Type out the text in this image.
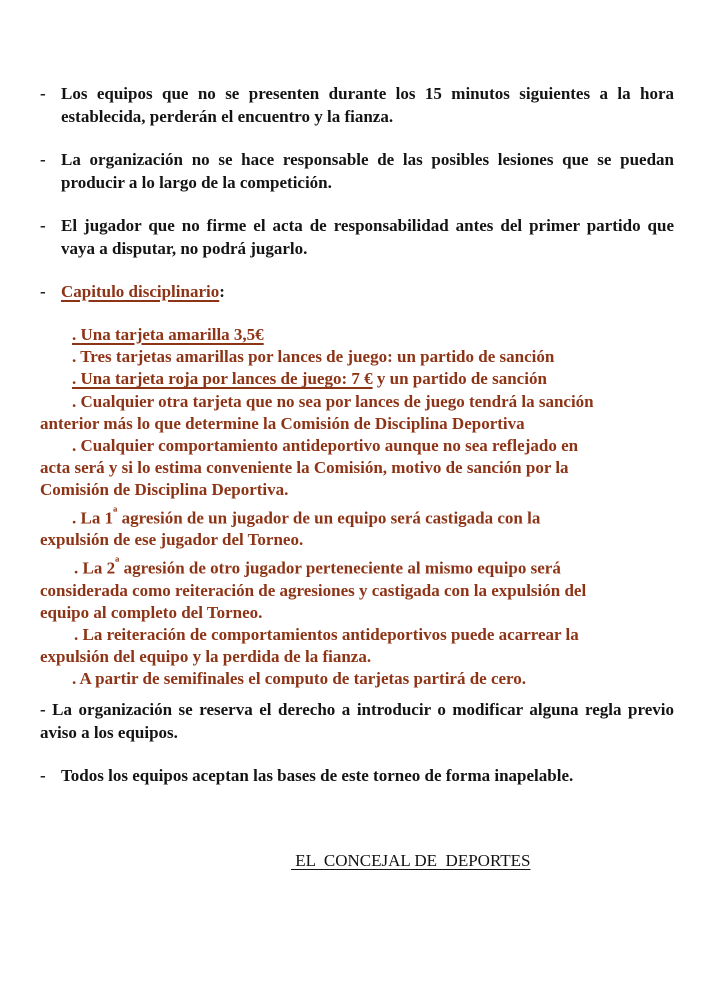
- Los equipos que no se presenten durante los 15 minutos siguientes a la hora establecida, perderán el encuentro y la fianza.
- La organización no se hace responsable de las posibles lesiones que se puedan producir a lo largo de la competición.
- El jugador que no firme el acta de responsabilidad antes del primer partido que vaya a disputar, no podrá jugarlo.
- Capitulo disciplinario:
. Una tarjeta amarilla 3,5€
. Tres tarjetas amarillas por lances de juego: un partido de sanción
. Una tarjeta roja por lances de juego: 7 € y un partido de sanción
. Cualquier otra tarjeta que no sea por lances de juego tendrá la sanción
anterior más lo que determine la Comisión de Disciplina Deportiva
. Cualquier comportamiento antideportivo aunque no sea reflejado en
acta será y si lo estima conveniente la Comisión, motivo de sanción por la
Comisión de Disciplina Deportiva.
. La $1^ª$ agresión de un jugador de un equipo será castigada con la
expulsión de ese jugador del Torneo.
. La $2^ª$ agresión de otro jugador perteneciente al mismo equipo será
considerada como reiteración de agresiones y castigada con la expulsión del
equipo al completo del Torneo.
. La reiteración de comportamientos antideportivos puede acarrear la
expulsión del equipo y la perdida de la fianza.
. A partir de semifinales el computo de tarjetas partirá de cero.
- La organización se reserva el derecho a introducir o modificar alguna regla previo aviso a los equipos.
- Todos los equipos aceptan las bases de este torneo de forma inapelable.
EL  CONCEJAL DE  DEPORTES
